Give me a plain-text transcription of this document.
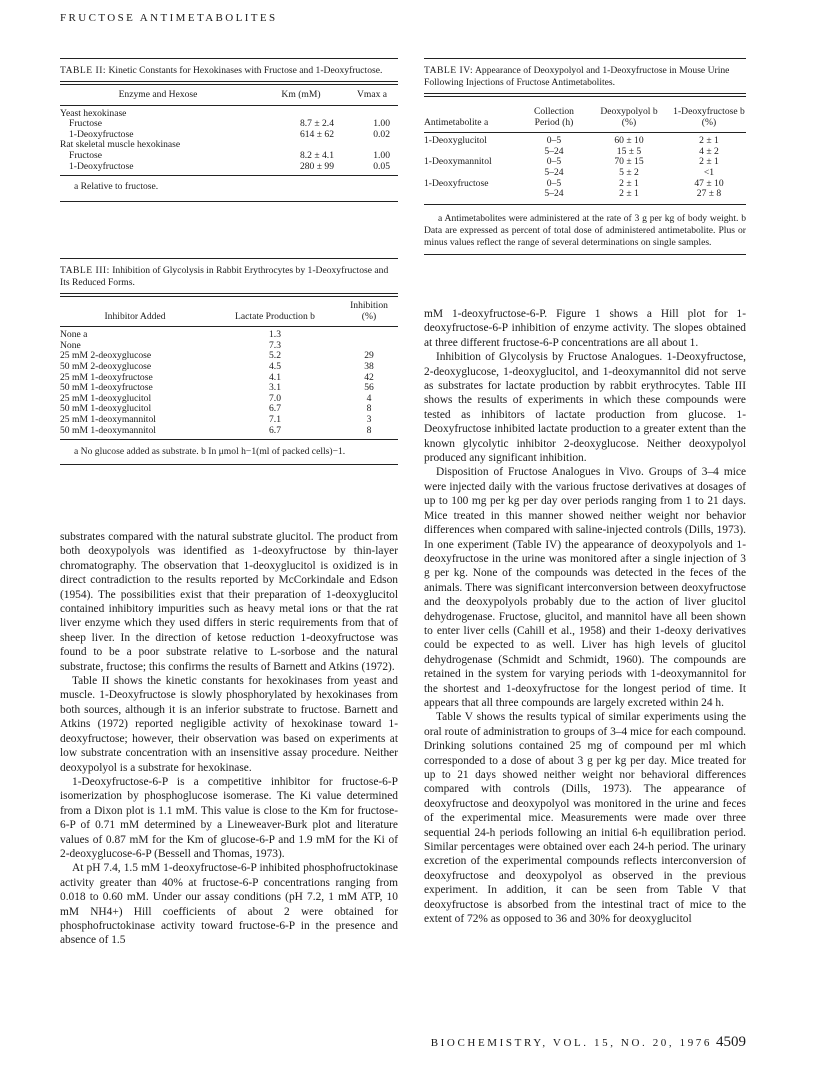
FRUCTOSE ANTIMETABOLITES
TABLE II: Kinetic Constants for Hexokinases with Fructose and 1-Deoxyfructose.
Enzyme and Hexose	Km (mM)	Vmax a

Yeast hexokinase		
Fructose	8.7 ± 2.4	1.00
1-Deoxyfructose	614 ± 62	0.02
Rat skeletal muscle hexokinase		
Fructose	8.2 ± 4.1	1.00
1-Deoxyfructose	280 ± 99	0.05
a Relative to fructose.
TABLE III: Inhibition of Glycolysis in Rabbit Erythrocytes by 1-Deoxyfructose and Its Reduced Forms.
		Inhibition
Inhibitor Added	Lactate Production b	(%)

None a	1.3	
None	7.3	
25 mM 2-deoxyglucose	5.2	29
50 mM 2-deoxyglucose	4.5	38
25 mM 1-deoxyfructose	4.1	42
50 mM 1-deoxyfructose	3.1	56
25 mM 1-deoxyglucitol	7.0	4
50 mM 1-deoxyglucitol	6.7	8
25 mM 1-deoxymannitol	7.1	3
50 mM 1-deoxymannitol	6.7	8
a No glucose added as substrate. b In μmol h−1(ml of packed cells)−1.
TABLE IV: Appearance of Deoxypolyol and 1-Deoxyfructose in Mouse Urine Following Injections of Fructose Antimetabolites.
	Collection	Deoxypolyol b	1-Deoxyfructose b
Antimetabolite a	Period (h)	(%)	(%)

1-Deoxyglucitol	0–5	60 ± 10	2 ± 1
	5–24	15 ± 5	4 ± 2
1-Deoxymannitol	0–5	70 ± 15	2 ± 1
	5–24	5 ± 2	<1
1-Deoxyfructose	0–5	2 ± 1	47 ± 10
	5–24	2 ± 1	27 ± 8
a Antimetabolites were administered at the rate of 3 g per kg of body weight. b Data are expressed as percent of total dose of administered antimetabolite. Plus or minus values reflect the range of several determinations on single samples.

substrates compared with the natural substrate glucitol. The product from both deoxypolyols was identified as 1-deoxyfructose by thin-layer chromatography. The observation that 1-deoxyglucitol is oxidized is in direct contradiction to the results reported by McCorkindale and Edson (1954). The possibilities exist that their preparation of 1-deoxyglucitol contained inhibitory impurities such as heavy metal ions or that the rat liver enzyme which they used differs in steric requirements from that of sheep liver. In the direction of ketose reduction 1-deoxyfructose was found to be a poor substrate relative to L-sorbose and the natural substrate, fructose; this confirms the results of Barnett and Atkins (1972).

Table II shows the kinetic constants for hexokinases from yeast and muscle. 1-Deoxyfructose is slowly phosphorylated by hexokinases from both sources, although it is an inferior substrate to fructose. Barnett and Atkins (1972) reported negligible activity of hexokinase toward 1-deoxyfructose; however, their observation was based on experiments at low substrate concentration with an insensitive assay procedure. Neither deoxypolyol is a substrate for hexokinase.

1-Deoxyfructose-6-P is a competitive inhibitor for fructose-6-P isomerization by phosphoglucose isomerase. The Ki value determined from a Dixon plot is 1.1 mM. This value is close to the Km for fructose-6-P of 0.71 mM determined by a Lineweaver-Burk plot and literature values of 0.87 mM for the Km of glucose-6-P and 1.9 mM for the Ki of 2-deoxyglucose-6-P (Bessell and Thomas, 1973).

At pH 7.4, 1.5 mM 1-deoxyfructose-6-P inhibited phosphofructokinase activity greater than 40% at fructose-6-P concentrations ranging from 0.018 to 0.60 mM. Under our assay conditions (pH 7.2, 1 mM ATP, 10 mM NH4+) Hill coefficients of about 2 were obtained for phosphofructokinase activity toward fructose-6-P in the presence and absence of 1.5

mM 1-deoxyfructose-6-P. Figure 1 shows a Hill plot for 1-deoxyfructose-6-P inhibition of enzyme activity. The slopes obtained at three different fructose-6-P concentrations are all about 1.

Inhibition of Glycolysis by Fructose Analogues. 1-Deoxyfructose, 2-deoxyglucose, 1-deoxyglucitol, and 1-deoxymannitol did not serve as substrates for lactate production by rabbit erythrocytes. Table III shows the results of experiments in which these compounds were tested as inhibitors of lactate production from glucose. 1-Deoxyfructose inhibited lactate production to a greater extent than the known glycolytic inhibitor 2-deoxyglucose. Neither deoxypolyol produced any significant inhibition.

Disposition of Fructose Analogues in Vivo. Groups of 3–4 mice were injected daily with the various fructose derivatives at dosages of up to 100 mg per kg per day over periods ranging from 1 to 21 days. Mice treated in this manner showed neither weight nor behavior differences when compared with saline-injected controls (Dills, 1973). In one experiment (Table IV) the appearance of deoxypolyols and 1-deoxyfructose in the urine was monitored after a single injection of 3 g per kg. None of the compounds was detected in the feces of the animals. There was significant interconversion between deoxyfructose and the deoxypolyols probably due to the action of liver glucitol dehydrogenase. Fructose, glucitol, and mannitol have all been shown to enter liver cells (Cahill et al., 1958) and their 1-deoxy derivatives could be expected to as well. Liver has high levels of glucitol dehydrogenase (Schmidt and Schmidt, 1960). The compounds are retained in the system for varying periods with 1-deoxymannitol for the shortest and 1-deoxyfructose for the longest period of time. It appears that all three compounds are largely excreted within 24 h.

Table V shows the results typical of similar experiments using the oral route of administration to groups of 3–4 mice for each compound. Drinking solutions contained 25 mg of compound per ml which corresponded to a dose of about 3 g per kg per day. Mice treated for up to 21 days showed neither weight nor behavioral differences compared with controls (Dills, 1973). The appearance of deoxyfructose and deoxypolyol was monitored in the urine and feces of the experimental mice. Measurements were made over three sequential 24-h periods following an initial 6-h equilibration period. Similar percentages were obtained over each 24-h period. The urinary excretion of the experimental compounds reflects interconversion of deoxyfructose and deoxypolyol as observed in the previous experiment. In addition, it can be seen from Table V that deoxyfructose is absorbed from the intestinal tract of mice to the extent of 72% as opposed to 36 and 30% for deoxyglucitol

BIOCHEMISTRY, VOL. 15, NO. 20, 1976 4509
